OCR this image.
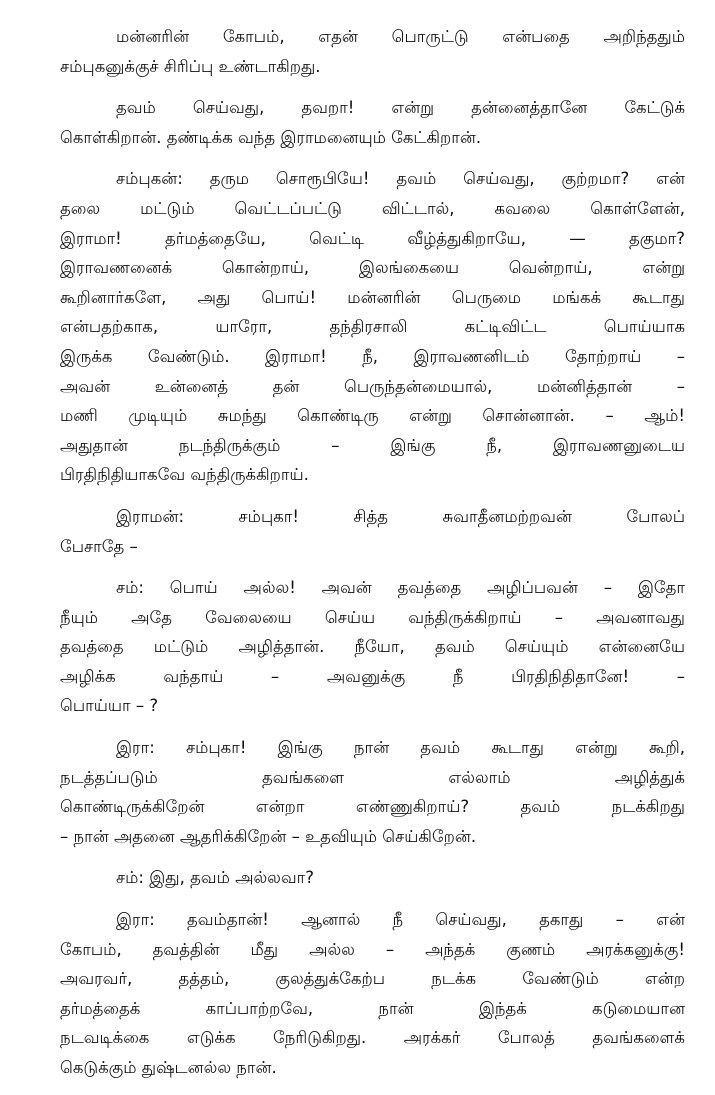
மன்னரின் கோபம், எதன் பொருட்டு என்பதை அறிந்ததும்
சம்புகனுக்குச் சிரிப்பு உண்டாகிறது.

தவம் செய்வது, தவறா! என்று தன்னைத்தானே கேட்டுக்
கொள்கிறான். தண்டிக்க வந்த இராமனையும் கேட்கிறான்.

சம்புகன்: தரும சொரூபியே! தவம் செய்வது, குற்றமா? என்
தலை மட்டும் வெட்டப்பட்டு விட்டால், கவலை கொள்ளேன்,
இராமா! தர்மத்தையே, வெட்டி வீழ்த்துகிறாயே, — தகுமா?
இராவணனைக் கொன்றாய், இலங்கையை வென்றாய், என்று
கூறினார்களே, அது பொய்! மன்னரின் பெருமை மங்கக் கூடாது
என்பதற்காக, யாரோ, தந்திரசாலி கட்டிவிட்ட பொய்யாக
இருக்க வேண்டும். இராமா! நீ, இராவணனிடம் தோற்றாய் –
அவன் உன்னைத் தன் பெருந்தன்மையால், மன்னித்தான் –
மணி முடியும் சுமந்து கொண்டிரு என்று சொன்னான். – ஆம்!
அதுதான் நடந்திருக்கும் – இங்கு நீ, இராவணனுடைய
பிரதிநிதியாகவே வந்திருக்கிறாய்.

இராமன்: சம்புகா! சித்த சுவாதீனமற்றவன் போலப்
பேசாதே –

சம்: பொய் அல்ல! அவன் தவத்தை அழிப்பவன் – இதோ
நீயும் அதே வேலையை செய்ய வந்திருக்கிறாய் – அவனாவது
தவத்தை மட்டும் அழித்தான். நீயோ, தவம் செய்யும் என்னையே
அழிக்க வந்தாய் – அவனுக்கு நீ பிரதிநிதிதானே! –
பொய்யா – ?

இரா: சம்புகா! இங்கு நான் தவம் கூடாது என்று கூறி,
நடத்தப்படும் தவங்களை எல்லாம் அழித்துக்
கொண்டிருக்கிறேன் என்றா எண்ணுகிறாய்? தவம் நடக்கிறது
– நான் அதனை ஆதரிக்கிறேன் – உதவியும் செய்கிறேன்.

சம்: இது, தவம் அல்லவா?

இரா: தவம்தான்! ஆனால் நீ செய்வது, தகாது – என்
கோபம், தவத்தின் மீது அல்ல – அந்தக் குணம் அரக்கனுக்கு!
அவரவர், தத்தம், குலத்துக்கேற்ப நடக்க வேண்டும் என்ற
தர்மத்தைக் காப்பாற்றவே, நான் இந்தக் கடுமையான
நடவடிக்கை எடுக்க நேரிடுகிறது. அரக்கர் போலத் தவங்களைக்
கெடுக்கும் துஷ்டனல்ல நான்.
